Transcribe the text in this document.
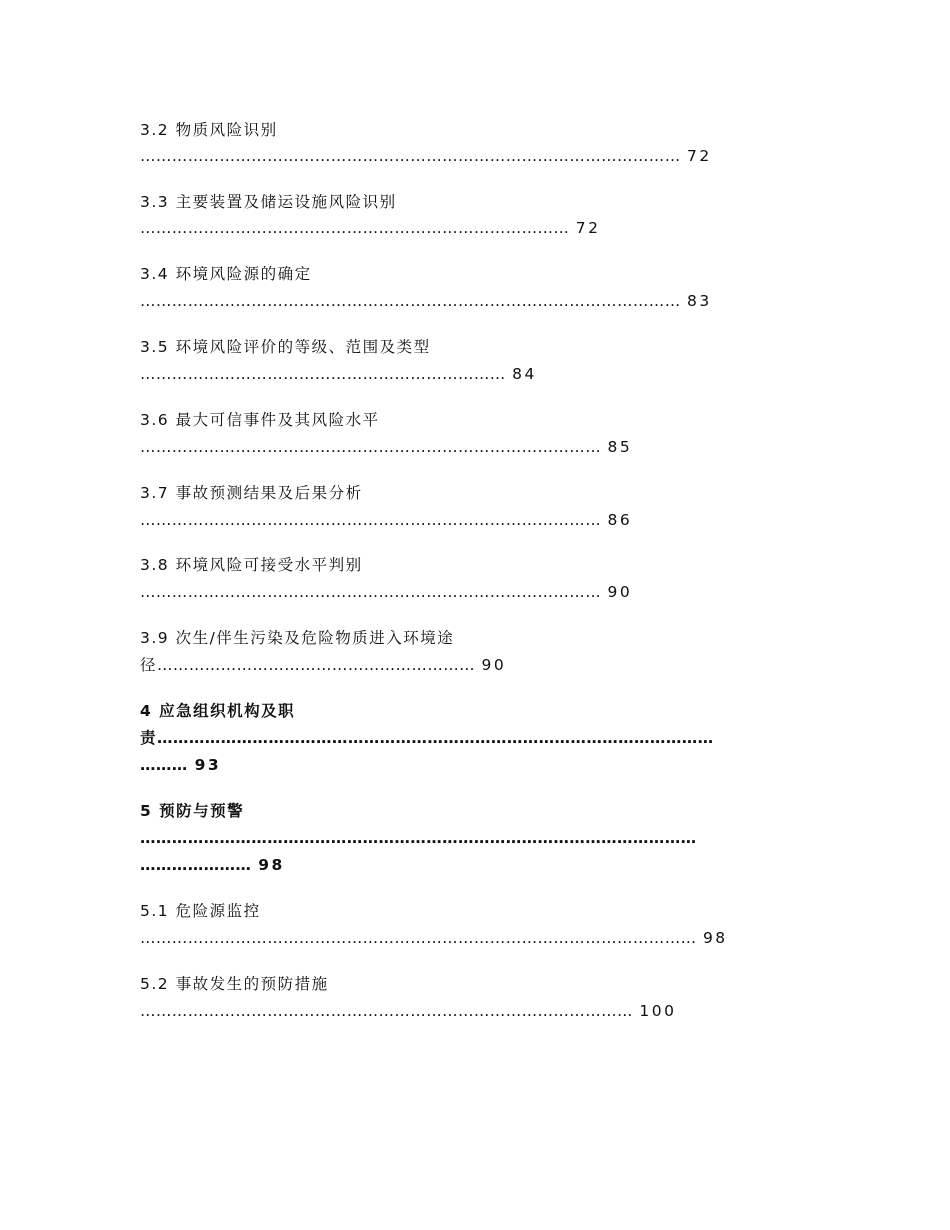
3.2 物质风险识别
………………………………………………………………………………………… 72
3.3 主要装置及储运设施风险识别
……………………………………………………………………… 72
3.4 环境风险源的确定
………………………………………………………………………………………… 83
3.5 环境风险评价的等级、范围及类型
…………………………………………………………… 84
3.6 最大可信事件及其风险水平
…………………………………………………………………………… 85
3.7 事故预测结果及后果分析
…………………………………………………………………………… 86
3.8 环境风险可接受水平判别
…………………………………………………………………………… 90
3.9 次生/伴生污染及危险物质进入环境途
径…………………………………………………… 90
4 应急组织机构及职
责……………………………………………………………………………………………
……… 93
5 预防与预警
……………………………………………………………………………………………
………………… 98
5.1 危险源监控
…………………………………………………………………………………………… 98
5.2 事故发生的预防措施
………………………………………………………………………………… 100
